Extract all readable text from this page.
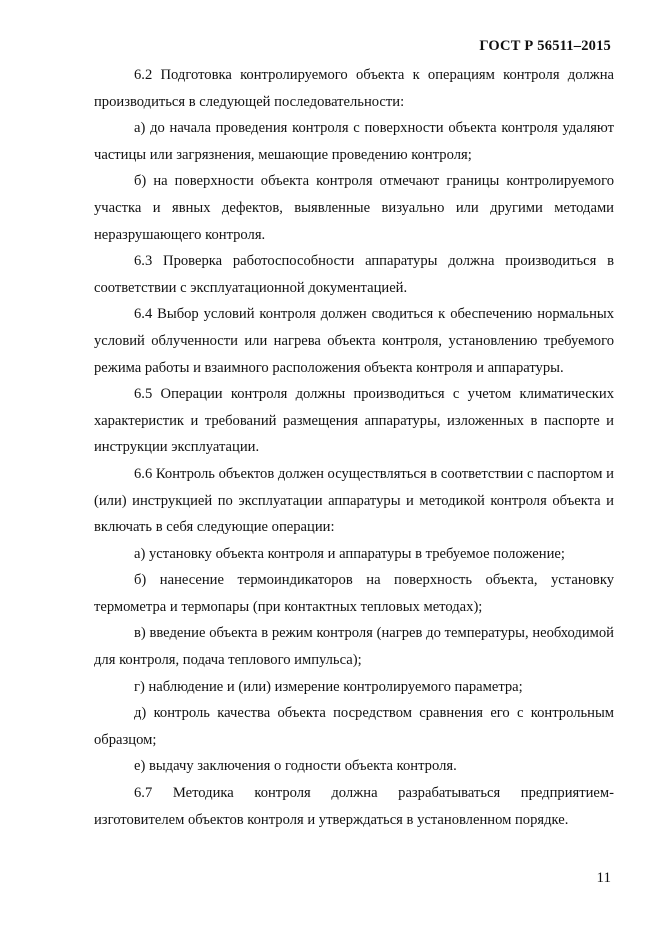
ГОСТ Р 56511–2015

6.2 Подготовка контролируемого объекта к операциям контроля должна производиться в следующей последовательности:

а) до начала проведения контроля с поверхности объекта контроля удаляют частицы или загрязнения, мешающие проведению контроля;

б) на поверхности объекта контроля отмечают границы контролируемого участка и явных дефектов, выявленные визуально или другими методами неразрушающего контроля.

6.3 Проверка работоспособности аппаратуры должна производиться в соответствии с эксплуатационной документацией.

6.4 Выбор условий контроля должен сводиться к обеспечению нормальных условий облученности или нагрева объекта контроля, установлению требуемого режима работы и взаимного расположения объекта контроля и аппаратуры.

6.5 Операции контроля должны производиться с учетом климатических характеристик и требований размещения аппаратуры, изложенных в паспорте и инструкции эксплуатации.

6.6 Контроль объектов должен осуществляться в соответствии с паспортом и (или) инструкцией по эксплуатации аппаратуры и методикой контроля объекта и включать в себя следующие операции:

а) установку объекта контроля и аппаратуры в требуемое положение;

б) нанесение термоиндикаторов на поверхность объекта, установку термометра и термопары (при контактных тепловых методах);

в) введение объекта в режим контроля (нагрев до температуры, необходимой для контроля, подача теплового импульса);

г) наблюдение и (или) измерение контролируемого параметра;

д) контроль качества объекта посредством сравнения его с контрольным образцом;

е) выдачу заключения о годности объекта контроля.

6.7 Методика контроля должна разрабатываться предприятием-изготовителем объектов контроля и утверждаться в установленном порядке.

11
